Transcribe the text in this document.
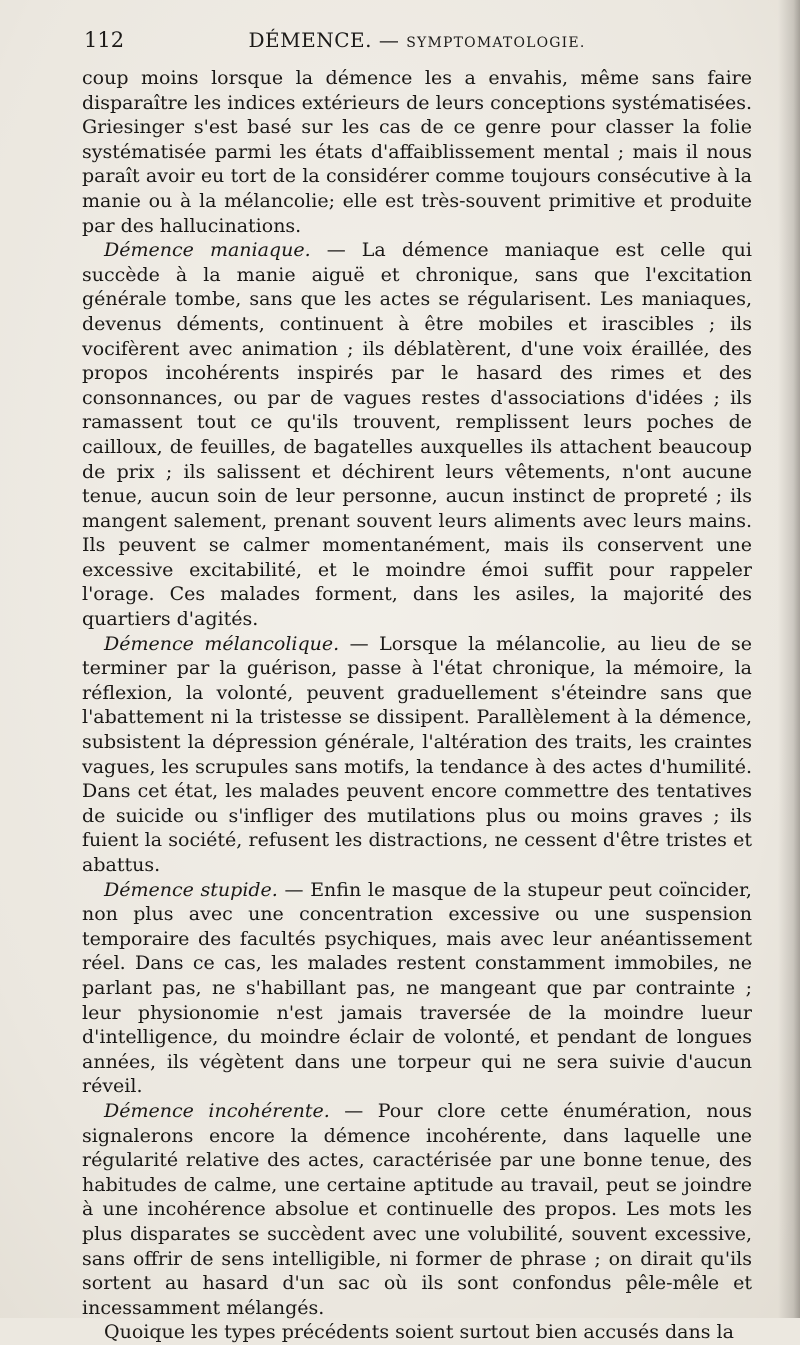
112	DÉMENCE. — SYMPTOMATOLOGIE.

coup moins lorsque la démence les a envahis, même sans faire disparaître les indices extérieurs de leurs conceptions systématisées. Griesinger s'est basé sur les cas de ce genre pour classer la folie systématisée parmi les états d'affaiblissement mental ; mais il nous paraît avoir eu tort de la considérer comme toujours consécutive à la manie ou à la mélancolie; elle est très-souvent primitive et produite par des hallucinations.

Démence maniaque. — La démence maniaque est celle qui succède à la manie aiguë et chronique, sans que l'excitation générale tombe, sans que les actes se régularisent. Les maniaques, devenus déments, continuent à être mobiles et irascibles ; ils vocifèrent avec animation ; ils déblatèrent, d'une voix éraillée, des propos incohérents inspirés par le hasard des rimes et des consonnances, ou par de vagues restes d'associations d'idées ; ils ramassent tout ce qu'ils trouvent, remplissent leurs poches de cailloux, de feuilles, de bagatelles auxquelles ils attachent beaucoup de prix ; ils salissent et déchirent leurs vêtements, n'ont aucune tenue, aucun soin de leur personne, aucun instinct de propreté ; ils mangent salement, prenant souvent leurs aliments avec leurs mains. Ils peuvent se calmer momentanément, mais ils conservent une excessive excitabilité, et le moindre émoi suffit pour rappeler l'orage. Ces malades forment, dans les asiles, la majorité des quartiers d'agités.

Démence mélancolique. — Lorsque la mélancolie, au lieu de se terminer par la guérison, passe à l'état chronique, la mémoire, la réflexion, la volonté, peuvent graduellement s'éteindre sans que l'abattement ni la tristesse se dissipent. Parallèlement à la démence, subsistent la dépression générale, l'altération des traits, les craintes vagues, les scrupules sans motifs, la tendance à des actes d'humilité. Dans cet état, les malades peuvent encore commettre des tentatives de suicide ou s'infliger des mutilations plus ou moins graves ; ils fuient la société, refusent les distractions, ne cessent d'être tristes et abattus.

Démence stupide. — Enfin le masque de la stupeur peut coïncider, non plus avec une concentration excessive ou une suspension temporaire des facultés psychiques, mais avec leur anéantissement réel. Dans ce cas, les malades restent constamment immobiles, ne parlant pas, ne s'habillant pas, ne mangeant que par contrainte ; leur physionomie n'est jamais traversée de la moindre lueur d'intelligence, du moindre éclair de volonté, et pendant de longues années, ils végètent dans une torpeur qui ne sera suivie d'aucun réveil.

Démence incohérente. — Pour clore cette énumération, nous signalerons encore la démence incohérente, dans laquelle une régularité relative des actes, caractérisée par une bonne tenue, des habitudes de calme, une certaine aptitude au travail, peut se joindre à une incohérence absolue et continuelle des propos. Les mots les plus disparates se succèdent avec une volubilité, souvent excessive, sans offrir de sens intelligible, ni former de phrase ; on dirait qu'ils sortent au hasard d'un sac où ils sont confondus pêle-mêle et incessamment mélangés.

Quoique les types précédents soient surtout bien accusés dans la
